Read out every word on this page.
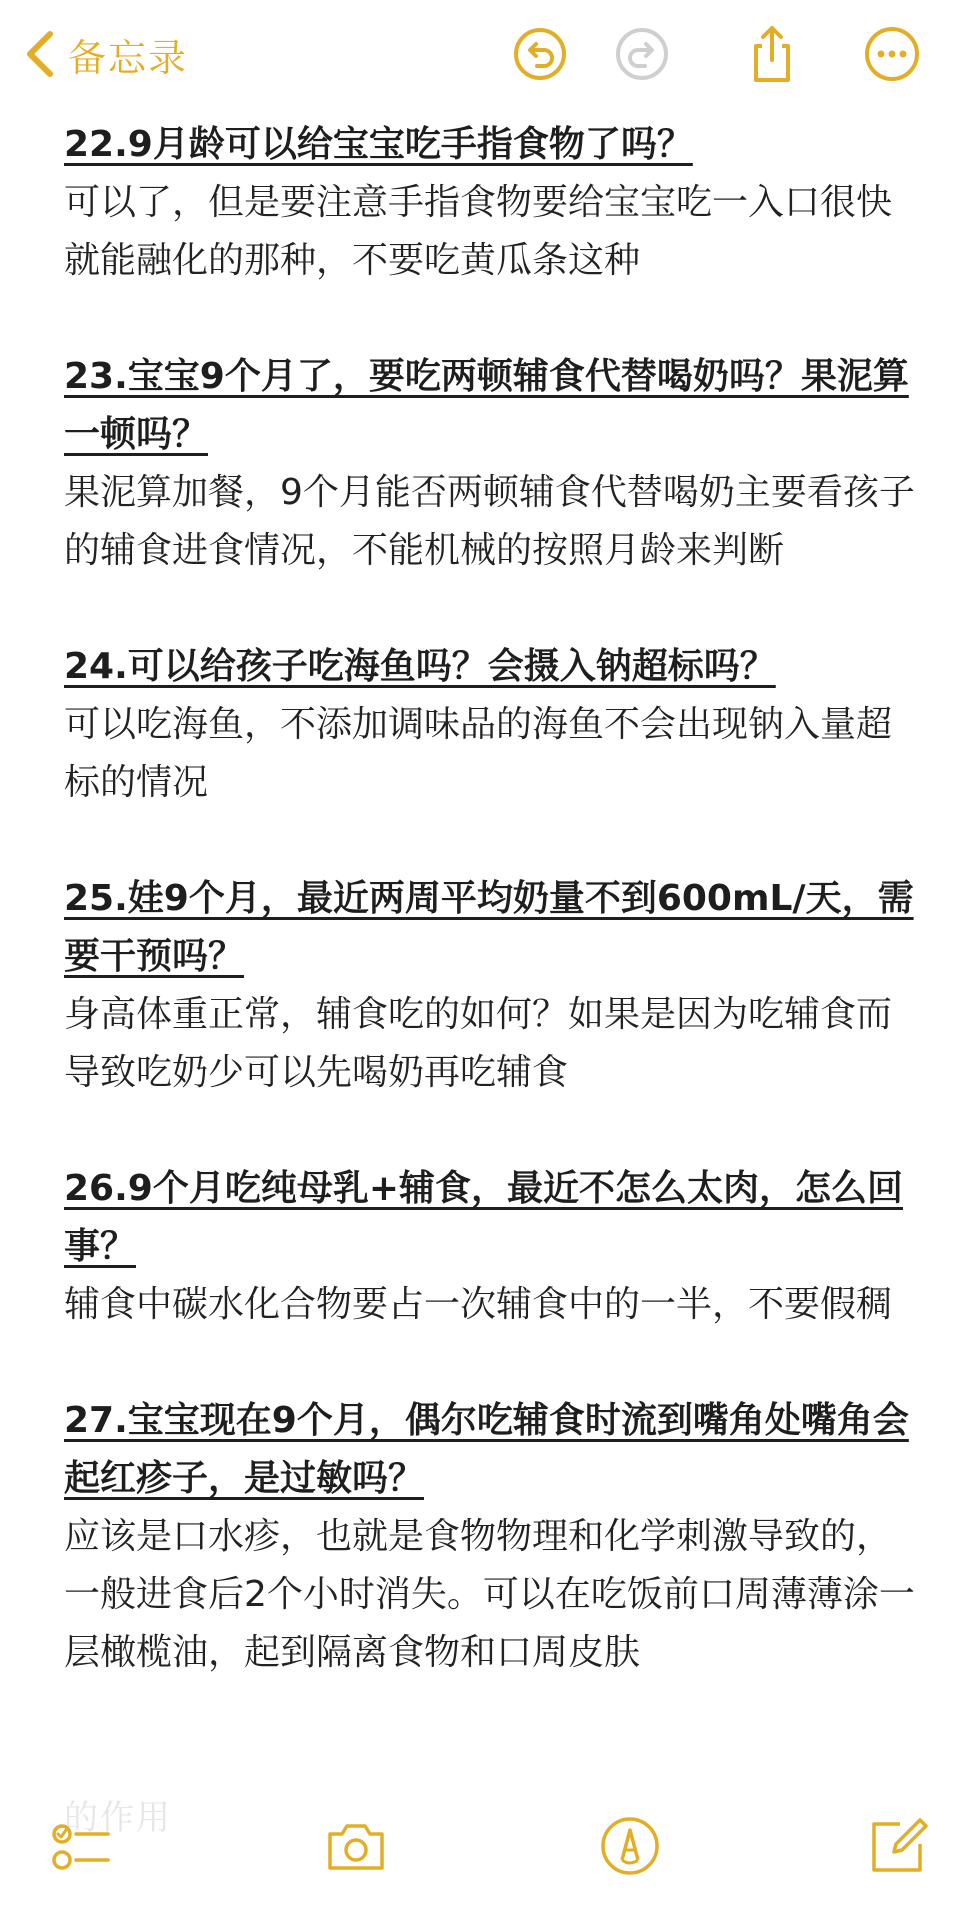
备忘录

22.9月龄可以给宝宝吃手指食物了吗？

可以了，但是要注意手指食物要给宝宝吃一入口很快就能融化的那种，不要吃黄瓜条这种

23.宝宝9个月了，要吃两顿辅食代替喝奶吗？果泥算一顿吗？

果泥算加餐，9个月能否两顿辅食代替喝奶主要看孩子的辅食进食情况，不能机械的按照月龄来判断

24.可以给孩子吃海鱼吗？会摄入钠超标吗？

可以吃海鱼，不添加调味品的海鱼不会出现钠入量超标的情况

25.娃9个月，最近两周平均奶量不到600mL/天，需要干预吗？

身高体重正常，辅食吃的如何？如果是因为吃辅食而导致吃奶少可以先喝奶再吃辅食

26.9个月吃纯母乳+辅食，最近不怎么太肉，怎么回事？

辅食中碳水化合物要占一次辅食中的一半，不要假稠

27.宝宝现在9个月，偶尔吃辅食时流到嘴角处嘴角会起红疹子，是过敏吗？

应该是口水疹，也就是食物物理和化学刺激导致的，一般进食后2个小时消失。可以在吃饭前口周薄薄涂一层橄榄油，起到隔离食物和口周皮肤

的作用
